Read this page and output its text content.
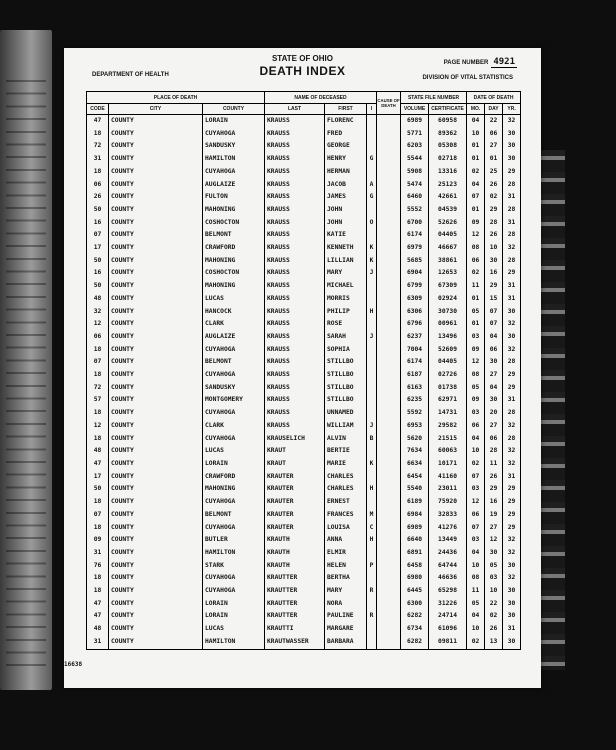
STATE OF OHIO
DEATH INDEX
DEPARTMENT OF HEALTH	DIVISION OF VITAL STATISTICS
PAGE NUMBER 4921
PLACE OF DEATH			NAME OF DECEASED			CAUSE OF DEATH	STATE FILE NUMBER		DATE OF DEATH		
CODE	CITY	COUNTY	LAST	FIRST	I		VOLUME	CERTIFICATE	MO.	DAY	YR.
47	COUNTY	LORAIN	KRAUSS	FLORENC			6989	60958	04	22	32
18	COUNTY	CUYAHOGA	KRAUSS	FRED			5771	89362	10	06	30
72	COUNTY	SANDUSKY	KRAUSS	GEORGE			6203	05308	01	27	30
31	COUNTY	HAMILTON	KRAUSS	HENRY	G		5544	02718	01	01	30
18	COUNTY	CUYAHOGA	KRAUSS	HERMAN			5908	13316	02	25	29
06	COUNTY	AUGLAIZE	KRAUSS	JACOB	A		5474	25123	04	26	28
26	COUNTY	FULTON	KRAUSS	JAMES	G		6460	42661	07	02	31
50	COUNTY	MAHONING	KRAUSS	JOHN			5552	04539	01	29	28
16	COUNTY	COSHOCTON	KRAUSS	JOHN	O		6700	52626	09	28	31
07	COUNTY	BELMONT	KRAUSS	KATIE			6174	04405	12	26	28
17	COUNTY	CRAWFORD	KRAUSS	KENNETH	K		6979	46667	08	10	32
50	COUNTY	MAHONING	KRAUSS	LILLIAN	K		5685	38861	06	30	28
16	COUNTY	COSHOCTON	KRAUSS	MARY	J		6904	12653	02	16	29
50	COUNTY	MAHONING	KRAUSS	MICHAEL			6799	67309	11	29	31
48	COUNTY	LUCAS	KRAUSS	MORRIS			6309	02924	01	15	31
32	COUNTY	HANCOCK	KRAUSS	PHILIP	H		6306	30730	05	07	30
12	COUNTY	CLARK	KRAUSS	ROSE			6796	00961	01	07	32
06	COUNTY	AUGLAIZE	KRAUSS	SARAH	J		6237	13496	03	04	30
18	COUNTY	CUYAHOGA	KRAUSS	SOPHIA			7004	52609	09	06	32
07	COUNTY	BELMONT	KRAUSS	STILLBO			6174	04405	12	30	28
18	COUNTY	CUYAHOGA	KRAUSS	STILLBO			6187	02726	08	27	29
72	COUNTY	SANDUSKY	KRAUSS	STILLBO			6163	01738	05	04	29
57	COUNTY	MONTGOMERY	KRAUSS	STILLBO			6235	62971	09	30	31
18	COUNTY	CUYAHOGA	KRAUSS	UNNAMED			5592	14731	03	20	28
12	COUNTY	CLARK	KRAUSS	WILLIAM	J		6953	29582	06	27	32
18	COUNTY	CUYAHOGA	KRAUSELICH	ALVIN	B		5620	21515	04	06	28
48	COUNTY	LUCAS	KRAUT	BERTIE			7634	60063	10	28	32
47	COUNTY	LORAIN	KRAUT	MARIE	K		6634	10171	02	11	32
17	COUNTY	CRAWFORD	KRAUTER	CHARLES			6454	41160	07	26	31
50	COUNTY	MAHONING	KRAUTER	CHARLES	H		5540	23011	03	29	29
18	COUNTY	CUYAHOGA	KRAUTER	ERNEST			6189	75920	12	16	29
07	COUNTY	BELMONT	KRAUTER	FRANCES	M		6984	32833	06	19	29
18	COUNTY	CUYAHOGA	KRAUTER	LOUISA	C		6989	41276	07	27	29
09	COUNTY	BUTLER	KRAUTH	ANNA	H		6640	13449	03	12	32
31	COUNTY	HAMILTON	KRAUTH	ELMIR			6891	24436	04	30	32
76	COUNTY	STARK	KRAUTH	HELEN	P		6458	64744	10	05	30
18	COUNTY	CUYAHOGA	KRAUTTER	BERTHA			6980	46636	08	03	32
18	COUNTY	CUYAHOGA	KRAUTTER	MARY	R		6445	65298	11	10	30
47	COUNTY	LORAIN	KRAUTTER	NORA			6300	31226	05	22	30
47	COUNTY	LORAIN	KRAUTTER	PAULINE	R		6282	24714	04	02	30
48	COUNTY	LUCAS	KRAUTTI	MARGARE			6734	61096	10	26	31
31	COUNTY	HAMILTON	KRAUTWASSER	BARBARA			6282	09811	02	13	30
16638
